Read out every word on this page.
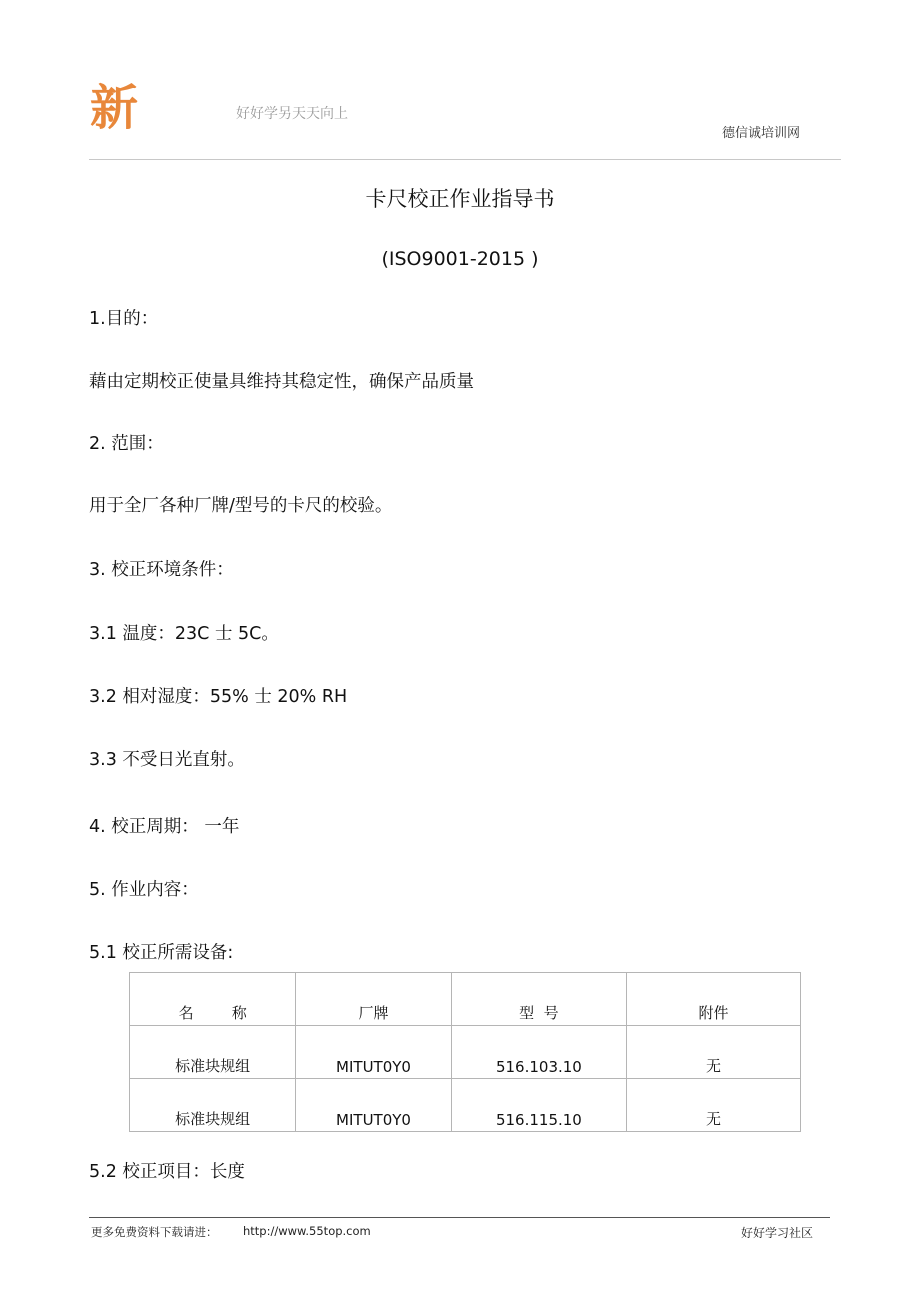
新	好好学另天天向上
德信诚培训网
卡尺校正作业指导书
(ISO9001-2015 )
1.目的：
藉由定期校正使量具维持其稳定性，确保产品质量
2. 范围：
用于全厂各种厂牌/型号的卡尺的校验。
3. 校正环境条件：
3.1 温度：23C 士 5C。
3.2 相对湿度：55% 士 20% RH
3.3 不受日光直射。
4. 校正周期： 一年
5. 作业内容：
5.1 校正所需设备:
名        称	厂牌	型  号	附件
标准块规组	MITUT0Y0	516.103.10	无
标准块规组	MITUT0Y0	516.115.10	无
5.2 校正项目：长度
更多免费资料下载请进： http://www.55top.com	好好学习社区
